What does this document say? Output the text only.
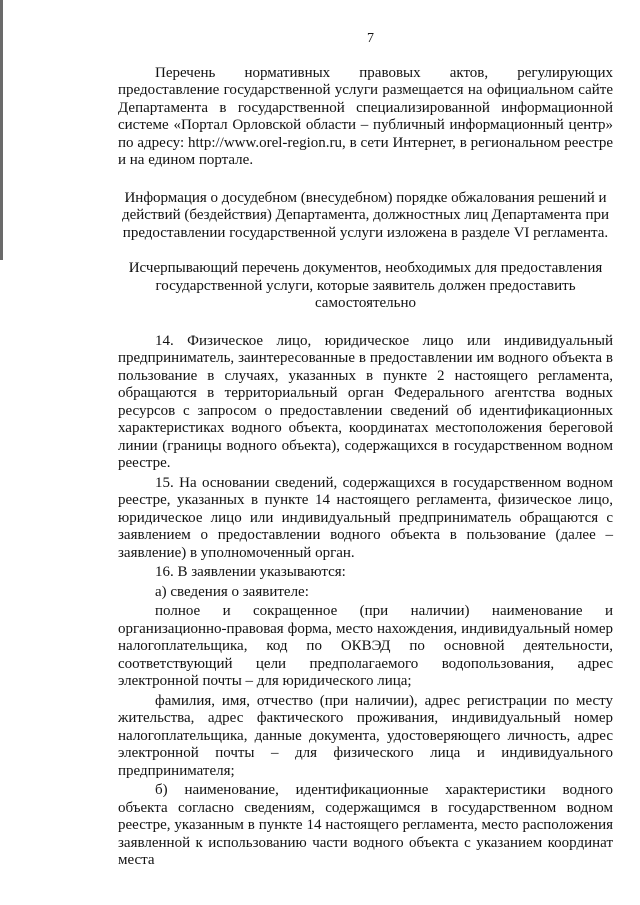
7

Перечень нормативных правовых актов, регулирующих предоставление государственной услуги размещается на официальном сайте Департамента в государственной специализированной информационной системе «Портал Орловской области – публичный информационный центр» по адресу: http://www.orel-region.ru, в сети Интернет, в региональном реестре и на едином портале.

Информация о досудебном (внесудебном) порядке обжалования решений и действий (бездействия) Департамента, должностных лиц Департамента при предоставлении государственной услуги изложена в разделе VI регламента.

Исчерпывающий перечень документов, необходимых для предоставления государственной услуги, которые заявитель должен предоставить самостоятельно

14. Физическое лицо, юридическое лицо или индивидуальный предприниматель, заинтересованные в предоставлении им водного объекта в пользование в случаях, указанных в пункте 2 настоящего регламента, обращаются в территориальный орган Федерального агентства водных ресурсов с запросом о предоставлении сведений об идентификационных характеристиках водного объекта, координатах местоположения береговой линии (границы водного объекта), содержащихся в государственном водном реестре.

15. На основании сведений, содержащихся в государственном водном реестре, указанных в пункте 14 настоящего регламента, физическое лицо, юридическое лицо или индивидуальный предприниматель обращаются с заявлением о предоставлении водного объекта в пользование (далее – заявление) в уполномоченный орган.

16. В заявлении указываются:

а) сведения о заявителе:

полное и сокращенное (при наличии) наименование и организационно-правовая форма, место нахождения, индивидуальный номер налогоплательщика, код по ОКВЭД по основной деятельности, соответствующий цели предполагаемого водопользования, адрес электронной почты – для юридического лица;

фамилия, имя, отчество (при наличии), адрес регистрации по месту жительства, адрес фактического проживания, индивидуальный номер налогоплательщика, данные документа, удостоверяющего личность, адрес электронной почты – для физического лица и индивидуального предпринимателя;

б) наименование, идентификационные характеристики водного объекта согласно сведениям, содержащимся в государственном водном реестре, указанным в пункте 14 настоящего регламента, место расположения заявленной к использованию части водного объекта с указанием координат места
